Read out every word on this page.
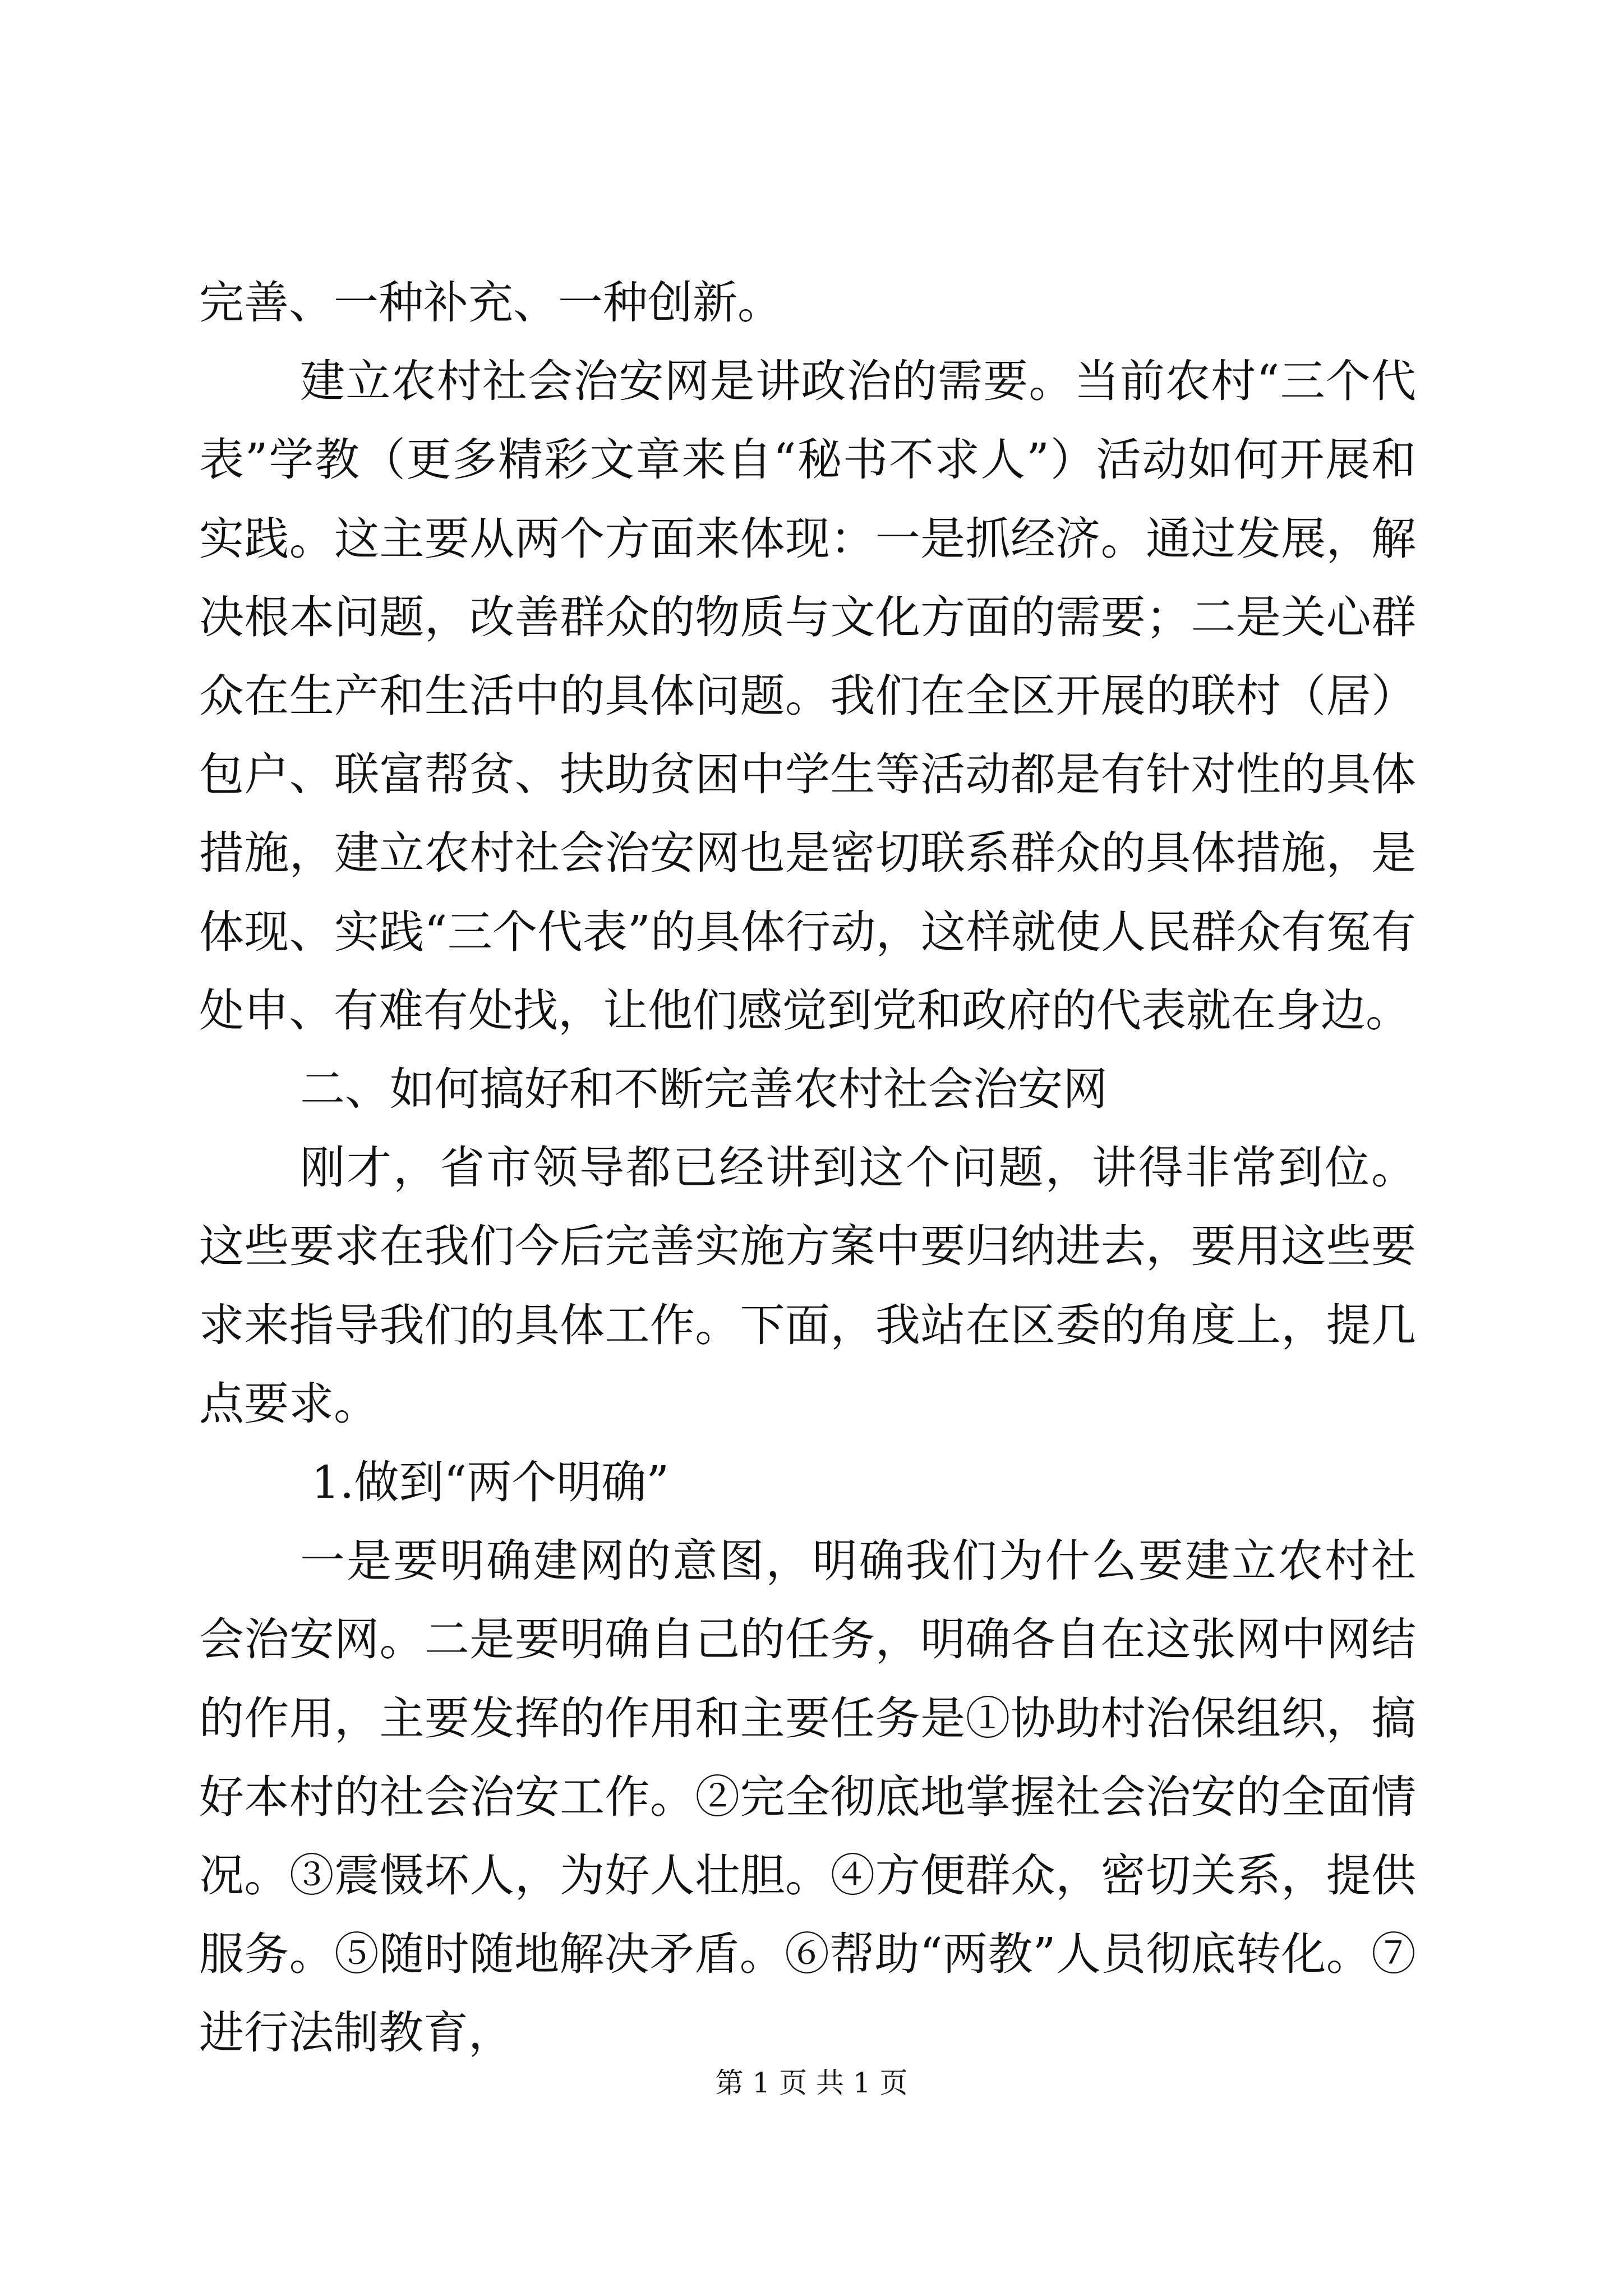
完善、一种补充、一种创新。

建立农村社会治安网是讲政治的需要。当前农村“三个代表”学教（更多精彩文章来自“秘书不求人”）活动如何开展和实践。这主要从两个方面来体现：一是抓经济。通过发展，解决根本问题，改善群众的物质与文化方面的需要；二是关心群众在生产和生活中的具体问题。我们在全区开展的联村（居）包户、联富帮贫、扶助贫困中学生等活动都是有针对性的具体措施，建立农村社会治安网也是密切联系群众的具体措施，是体现、实践“三个代表”的具体行动，这样就使人民群众有冤有处申、有难有处找，让他们感觉到党和政府的代表就在身边。

二、如何搞好和不断完善农村社会治安网

刚才，省市领导都已经讲到这个问题，讲得非常到位。这些要求在我们今后完善实施方案中要归纳进去，要用这些要求来指导我们的具体工作。下面，我站在区委的角度上，提几点要求。

1.做到“两个明确”

一是要明确建网的意图，明确我们为什么要建立农村社会治安网。二是要明确自己的任务，明确各自在这张网中网结的作用，主要发挥的作用和主要任务是①协助村治保组织，搞好本村的社会治安工作。②完全彻底地掌握社会治安的全面情况。③震慑坏人，为好人壮胆。④方便群众，密切关系，提供服务。⑤随时随地解决矛盾。⑥帮助“两教”人员彻底转化。⑦进行法制教育，

第 1 页 共 1 页
